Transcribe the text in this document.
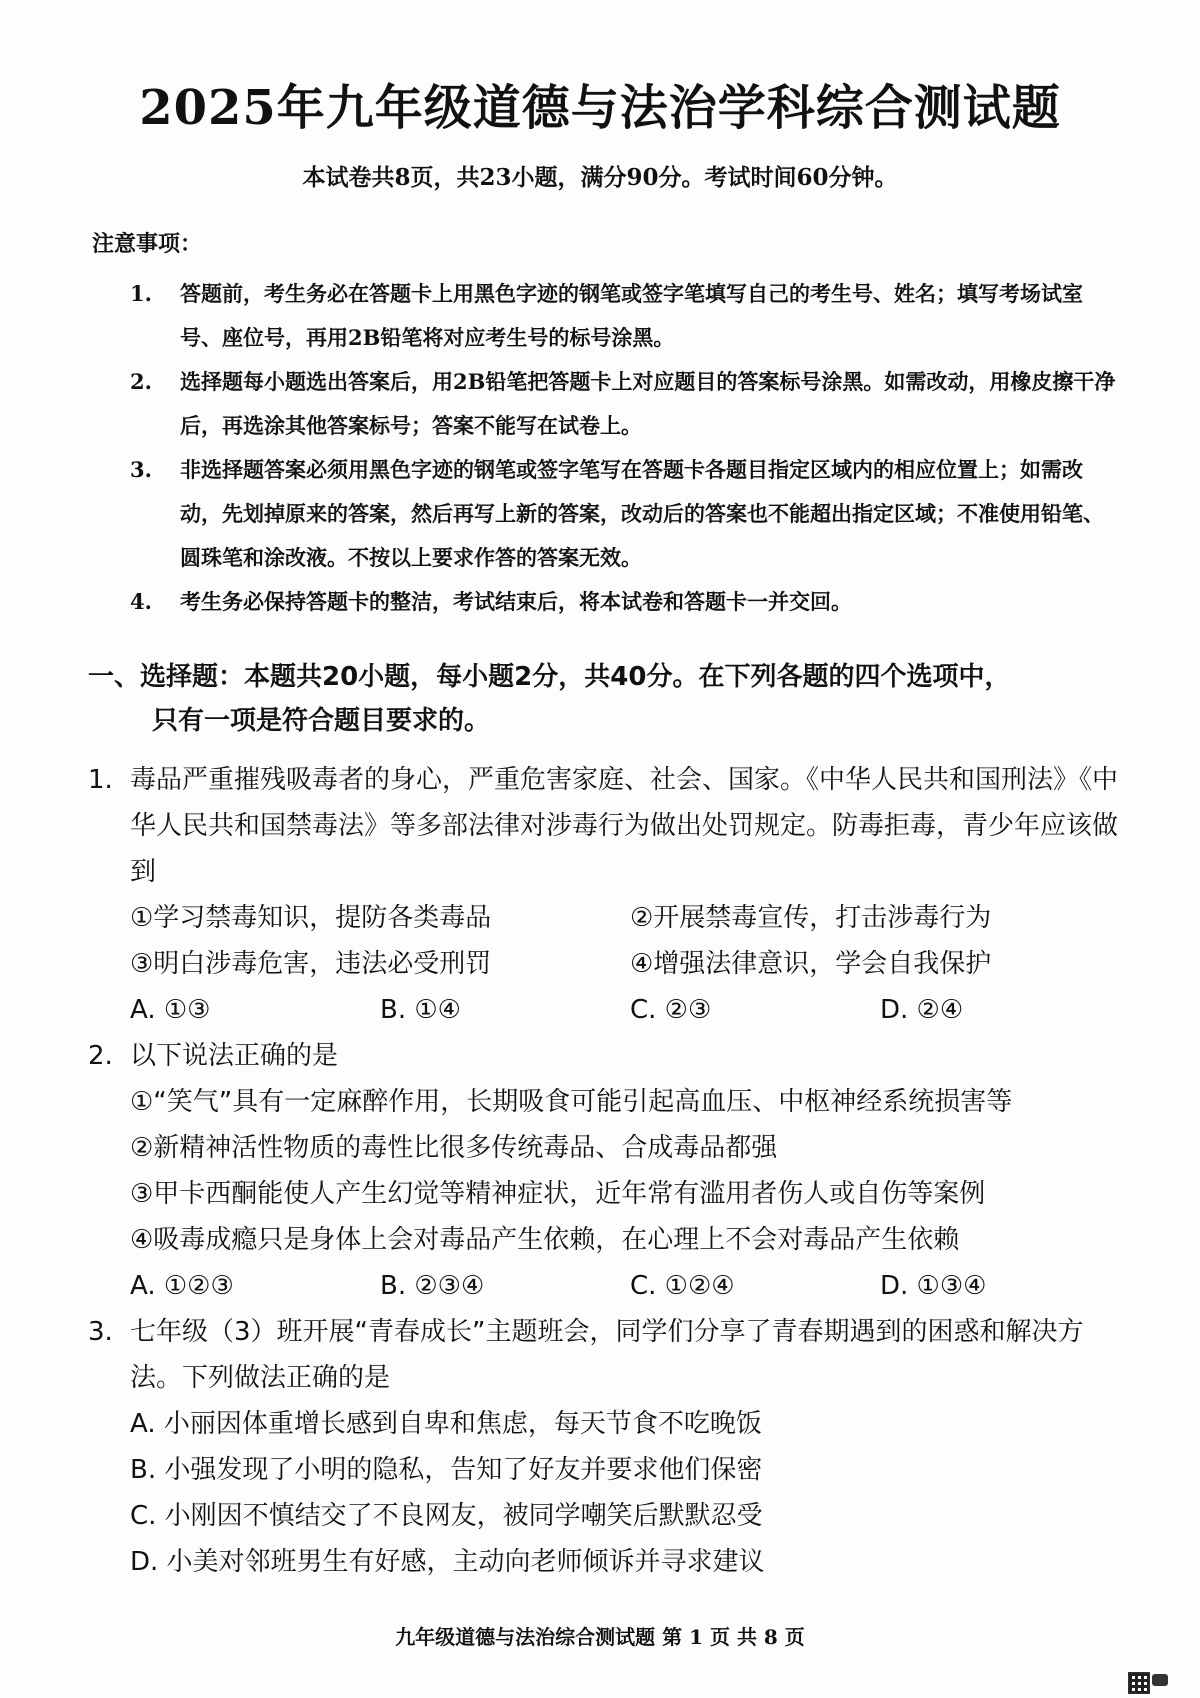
2025年九年级道德与法治学科综合测试题
本试卷共8页，共23小题，满分90分。考试时间60分钟。
注意事项：
1.	答题前，考生务必在答题卡上用黑色字迹的钢笔或签字笔填写自己的考生号、姓名；填写考场试室号、座位号，再用2B铅笔将对应考生号的标号涂黑。
2.	选择题每小题选出答案后，用2B铅笔把答题卡上对应题目的答案标号涂黑。如需改动，用橡皮擦干净后，再选涂其他答案标号；答案不能写在试卷上。
3.	非选择题答案必须用黑色字迹的钢笔或签字笔写在答题卡各题目指定区域内的相应位置上；如需改动，先划掉原来的答案，然后再写上新的答案，改动后的答案也不能超出指定区域；不准使用铅笔、圆珠笔和涂改液。不按以上要求作答的答案无效。
4.	考生务必保持答题卡的整洁，考试结束后，将本试卷和答题卡一并交回。
一、选择题：本题共20小题，每小题2分，共40分。在下列各题的四个选项中，
只有一项是符合题目要求的。
1. 毒品严重摧残吸毒者的身心，严重危害家庭、社会、国家。《中华人民共和国刑法》《中华人民共和国禁毒法》等多部法律对涉毒行为做出处罚规定。防毒拒毒，青少年应该做到
①学习禁毒知识，提防各类毒品	②开展禁毒宣传，打击涉毒行为
③明白涉毒危害，违法必受刑罚	④增强法律意识，学会自我保护
A. ①③	B. ①④	C. ②③	D. ②④
2. 以下说法正确的是
①“笑气”具有一定麻醉作用，长期吸食可能引起高血压、中枢神经系统损害等
②新精神活性物质的毒性比很多传统毒品、合成毒品都强
③甲卡西酮能使人产生幻觉等精神症状，近年常有滥用者伤人或自伤等案例
④吸毒成瘾只是身体上会对毒品产生依赖，在心理上不会对毒品产生依赖
A. ①②③	B. ②③④	C. ①②④	D. ①③④
3. 七年级（3）班开展“青春成长”主题班会，同学们分享了青春期遇到的困惑和解决方法。下列做法正确的是
A. 小丽因体重增长感到自卑和焦虑，每天节食不吃晚饭
B. 小强发现了小明的隐私，告知了好友并要求他们保密
C. 小刚因不慎结交了不良网友，被同学嘲笑后默默忍受
D. 小美对邻班男生有好感，主动向老师倾诉并寻求建议
九年级道德与法治综合测试题 第 1 页 共 8 页
